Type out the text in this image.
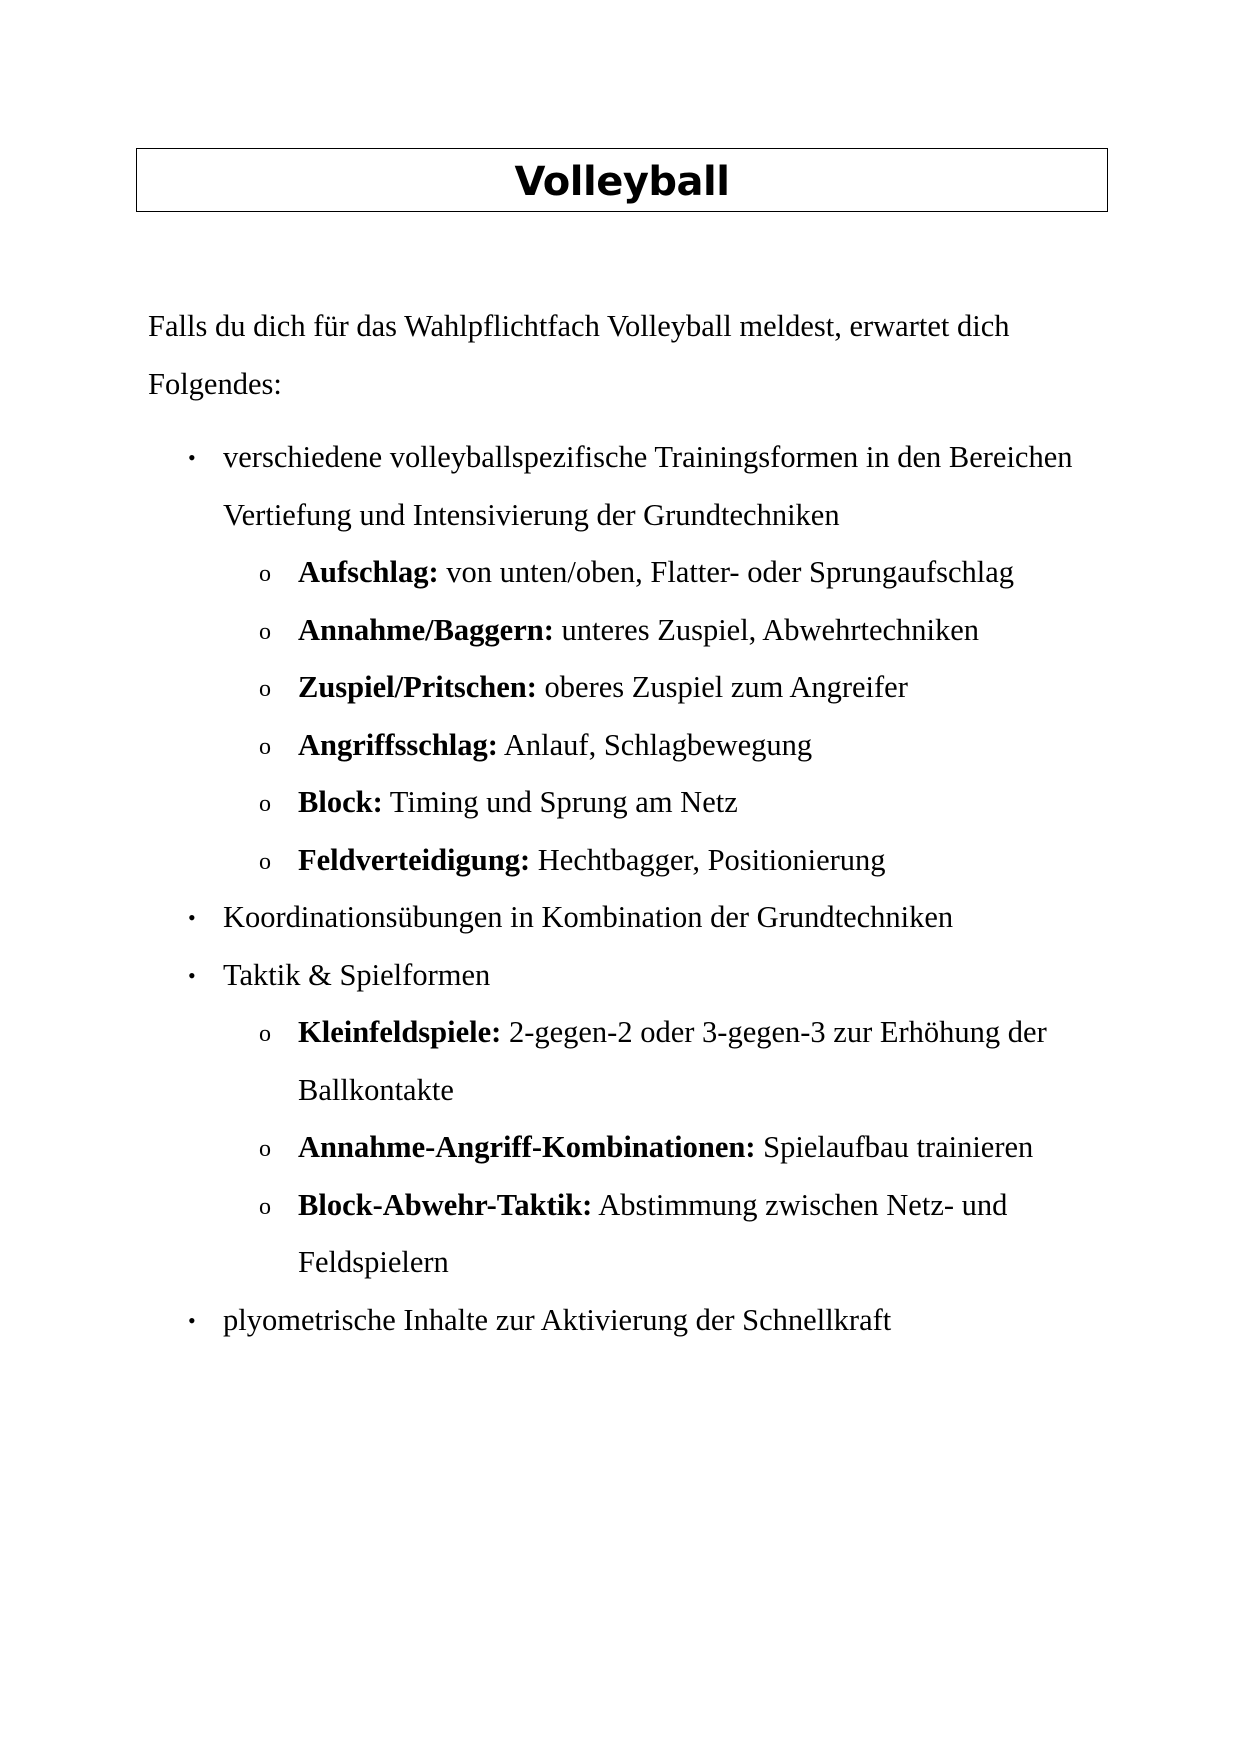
Volleyball

Falls du dich für das Wahlpflichtfach Volleyball meldest, erwartet dich Folgendes:

• verschiedene volleyballspezifische Trainingsformen in den Bereichen Vertiefung und Intensivierung der Grundtechniken
o Aufschlag: von unten/oben, Flatter- oder Sprungaufschlag
o Annahme/Baggern: unteres Zuspiel, Abwehrtechniken
o Zuspiel/Pritschen: oberes Zuspiel zum Angreifer
o Angriffsschlag: Anlauf, Schlagbewegung
o Block: Timing und Sprung am Netz
o Feldverteidigung: Hechtbagger, Positionierung
• Koordinationsübungen in Kombination der Grundtechniken
• Taktik & Spielformen
o Kleinfeldspiele: 2-gegen-2 oder 3-gegen-3 zur Erhöhung der Ballkontakte
o Annahme-Angriff-Kombinationen: Spielaufbau trainieren
o Block-Abwehr-Taktik: Abstimmung zwischen Netz- und Feldspielern
• plyometrische Inhalte zur Aktivierung der Schnellkraft
